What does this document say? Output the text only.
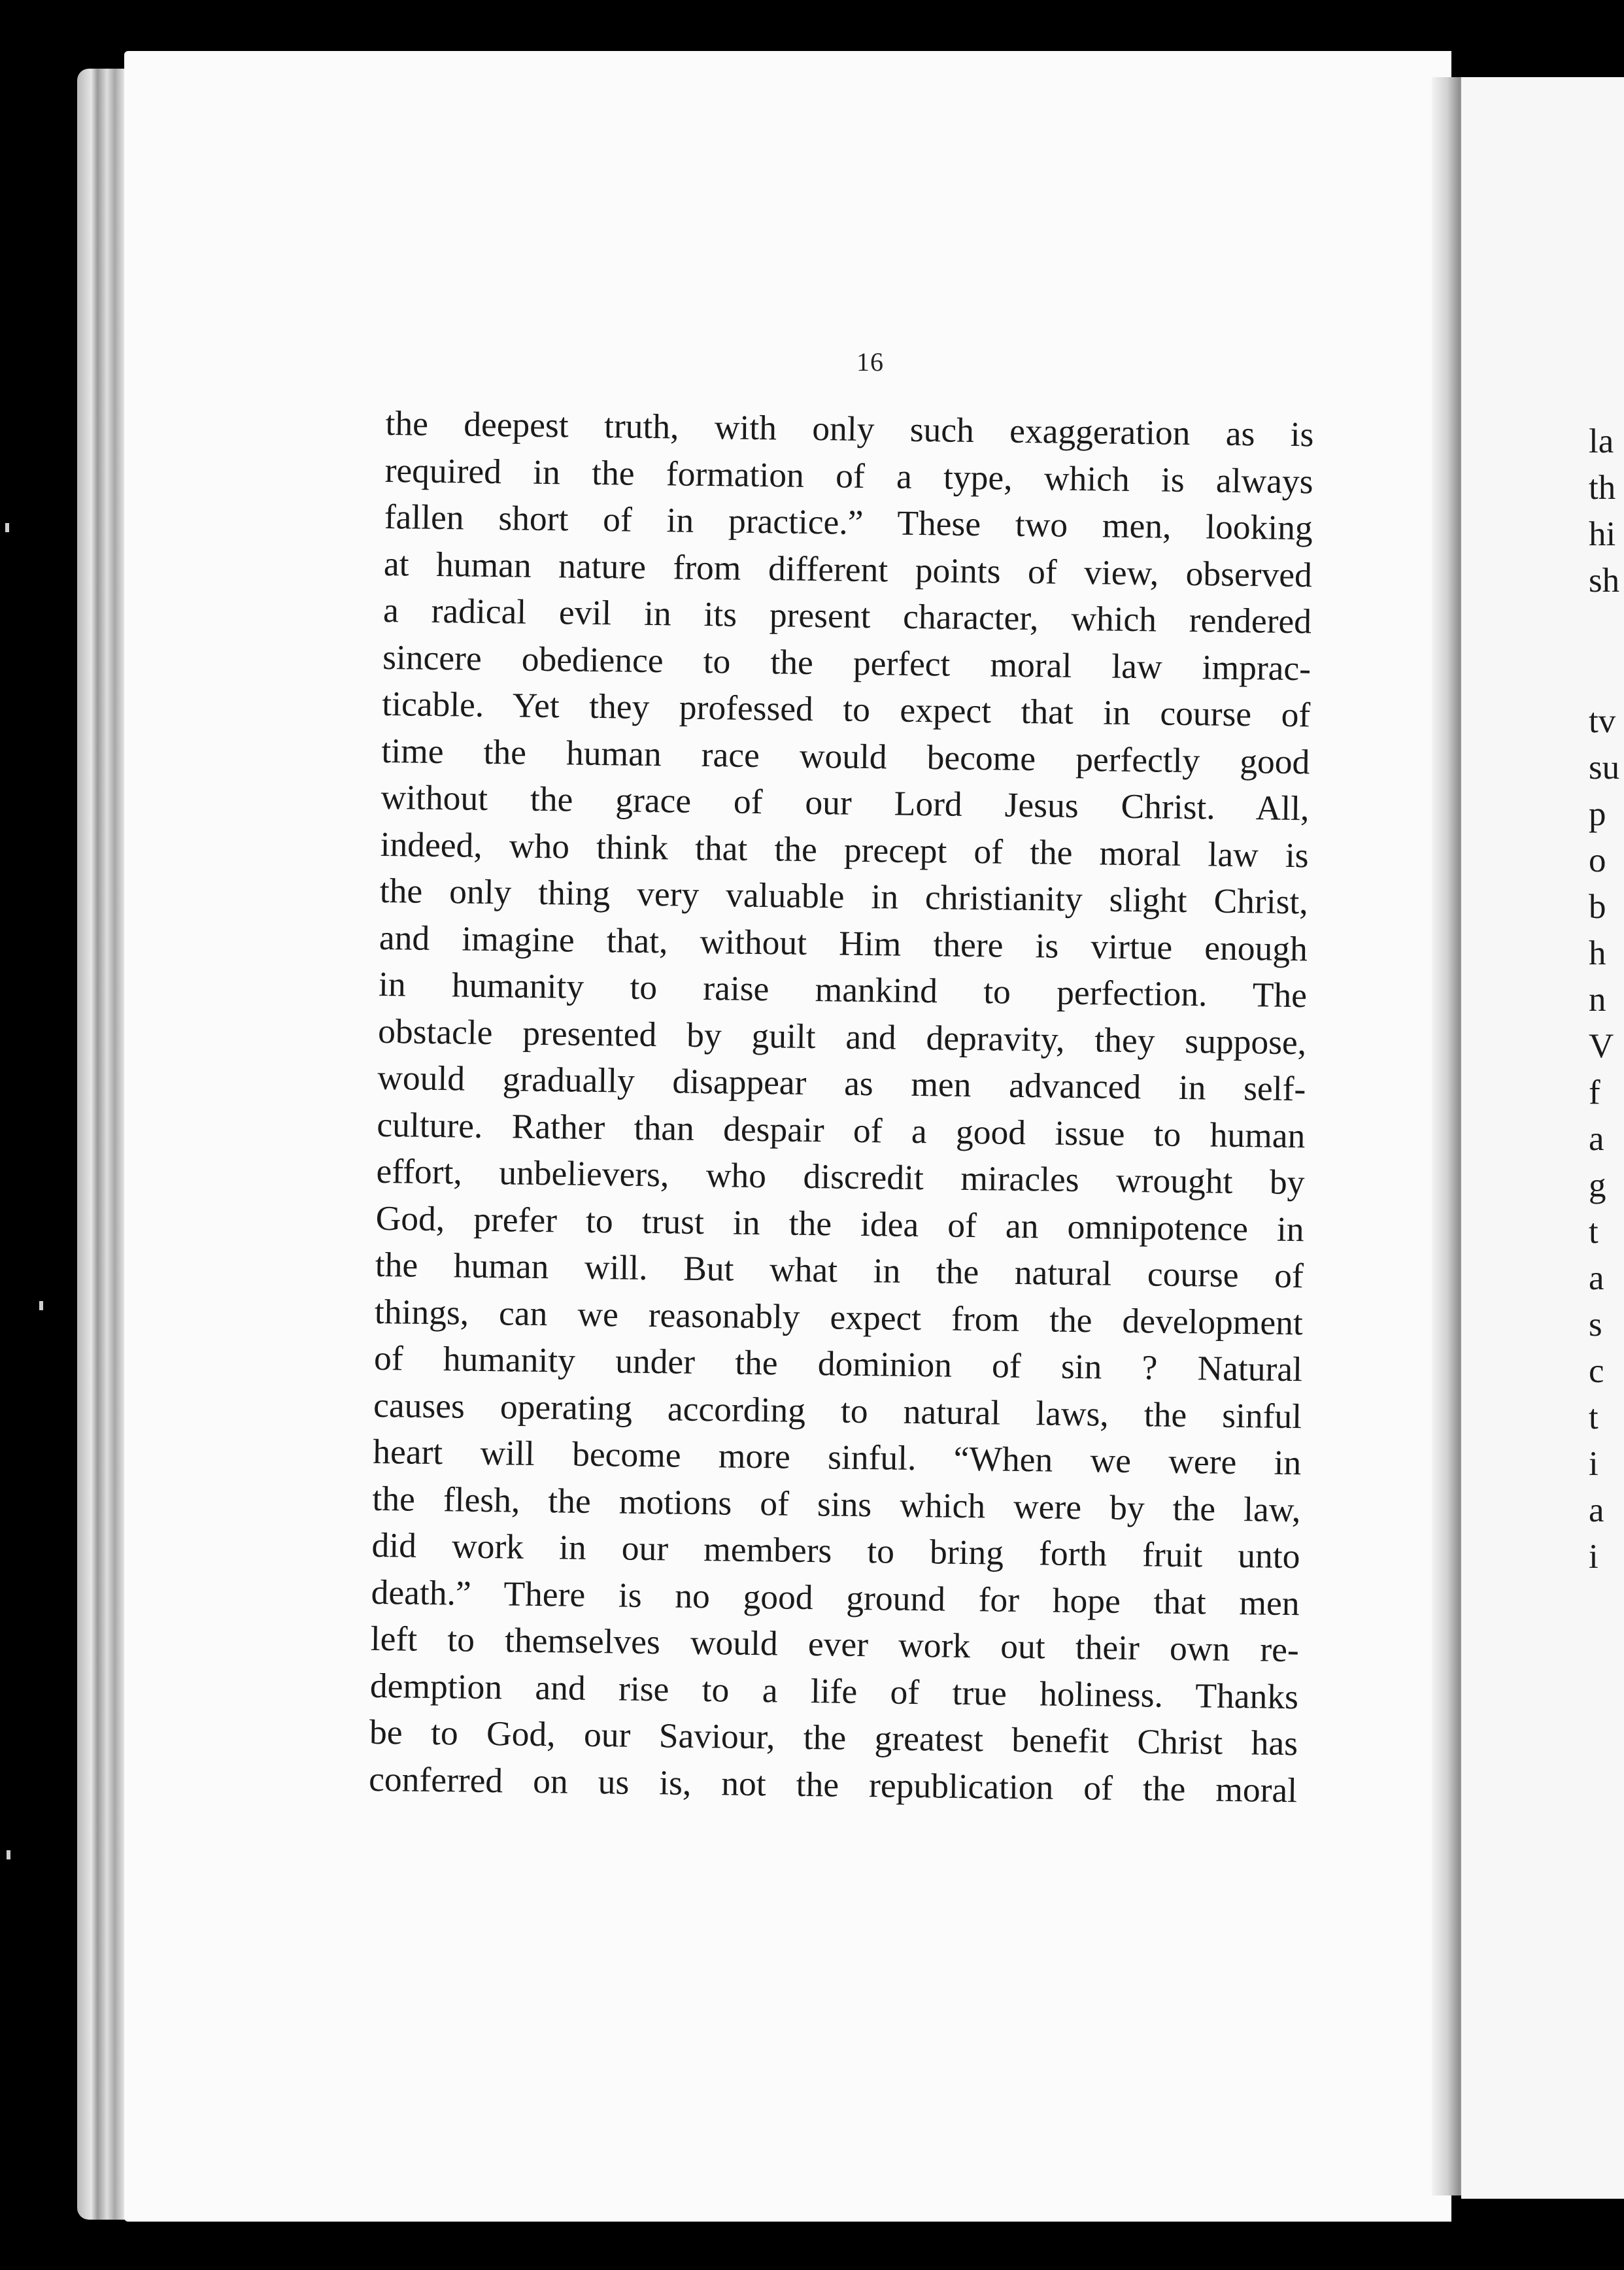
16
the deepest truth, with only such exaggeration as is
required in the formation of a type, which is always
fallen short of in practice.” These two men, looking
at human nature from different points of view, observed
a radical evil in its present character, which rendered
sincere obedience to the perfect moral law imprac-
ticable. Yet they professed to expect that in course of
time the human race would become perfectly good
without the grace of our Lord Jesus Christ. All,
indeed, who think that the precept of the moral law is
the only thing very valuable in christianity slight Christ,
and imagine that, without Him there is virtue enough
in humanity to raise mankind to perfection. The
obstacle presented by guilt and depravity, they suppose,
would gradually disappear as men advanced in self-
culture. Rather than despair of a good issue to human
effort, unbelievers, who discredit miracles wrought by
God, prefer to trust in the idea of an omnipotence in
the human will. But what in the natural course of
things, can we reasonably expect from the development
of humanity under the dominion of sin ? Natural
causes operating according to natural laws, the sinful
heart will become more sinful. “When we were in
the flesh, the motions of sins which were by the law,
did work in our members to bring forth fruit unto
death.” There is no good ground for hope that men
left to themselves would ever work out their own re-
demption and rise to a life of true holiness. Thanks
be to God, our Saviour, the greatest benefit Christ has
conferred on us is, not the republication of the moral
la
th
hi
sh
tv
su
p
o
b
h
n
V
f
a
g
t
a
s
c
t
i
a
i
